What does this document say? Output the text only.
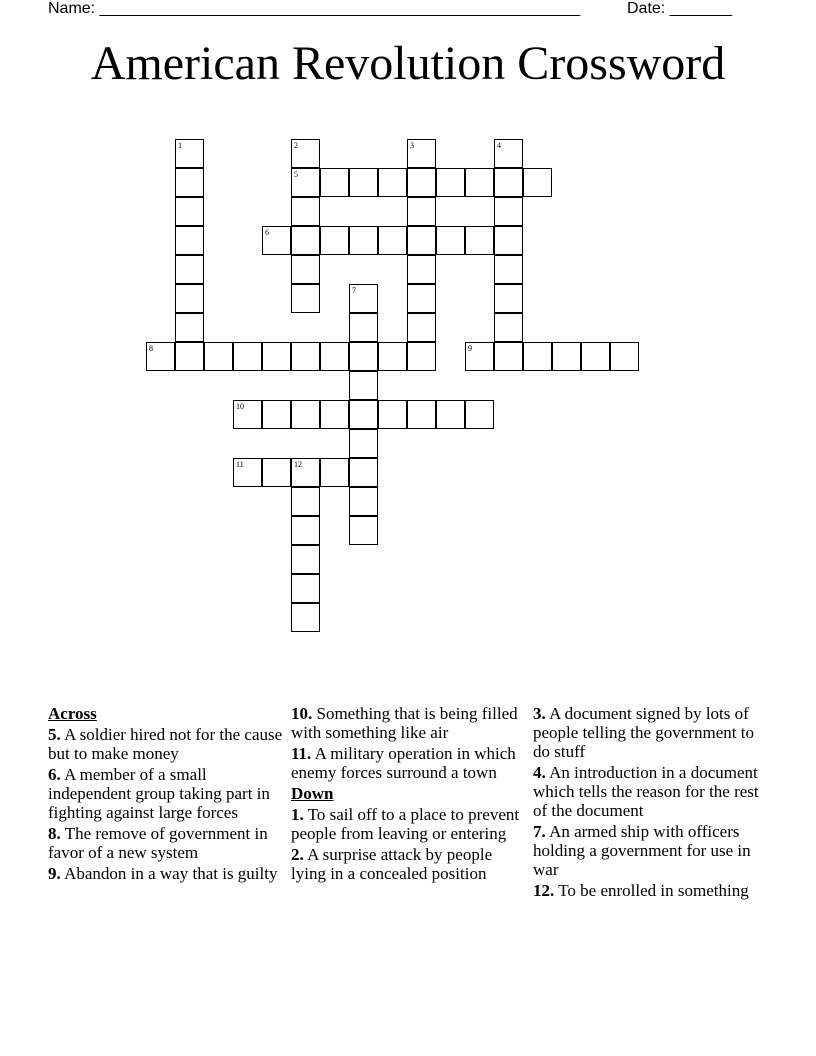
Name: ______________________________________________________	Date: _______
American Revolution Crossword
1	2
5
3	4
6
7
8	9
10
11	12

Across

5. A soldier hired not for the cause but to make money

6. A member of a small independent group taking part in fighting against large forces

8. The remove of government in favor of a new system

9. Abandon in a way that is guilty

10. Something that is being filled with something like air

11. A military operation in which enemy forces surround a town

Down

1. To sail off to a place to prevent people from leaving or entering

2. A surprise attack by people lying in a concealed position

3. A document signed by lots of people telling the government to do stuff

4. An introduction in a document which tells the reason for the rest of the document

7. An armed ship with officers holding a government for use in war

12. To be enrolled in something
